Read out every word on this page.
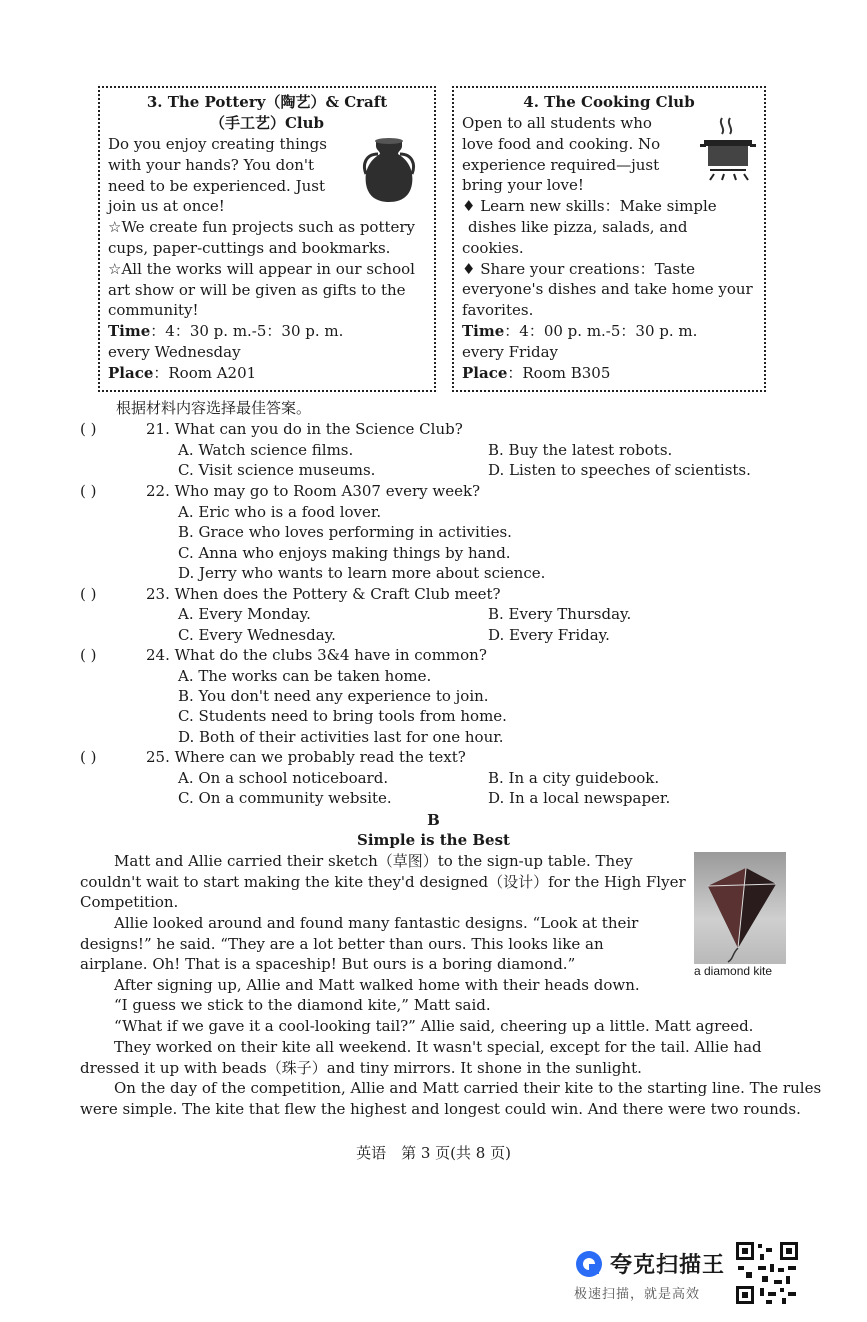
3. The Pottery（陶艺）& Craft
（手工艺）Club

Do you enjoy creating things

with your hands? You don't

need to be experienced. Just

join us at once!

☆We create fun projects such as pottery

cups, paper-cuttings and bookmarks.

☆All the works will appear in our school

art show or will be given as gifts to the

community!

Time：4：30 p. m.-5：30 p. m.

every Wednesday

Place：Room A201

4. The Cooking Club

Open to all students who

love food and cooking. No

experience required—just

bring your love!

♦ Learn new skills：Make simple

dishes like pizza, salads, and

cookies.

♦ Share your creations：Taste

everyone's dishes and take home your

favorites.

Time：4：00 p. m.-5：30 p. m.

every Friday

Place：Room B305

根据材料内容选择最佳答案。
( )	21. What can you do in the Science Club?
A. Watch science films.	B. Buy the latest robots.
C. Visit science museums.	D. Listen to speeches of scientists.
( )	22. Who may go to Room A307 every week?
A. Eric who is a food lover.
B. Grace who loves performing in activities.
C. Anna who enjoys making things by hand.
D. Jerry who wants to learn more about science.
( )	23. When does the Pottery & Craft Club meet?
A. Every Monday.	B. Every Thursday.
C. Every Wednesday.	D. Every Friday.
( )	24. What do the clubs 3&4 have in common?
A. The works can be taken home.
B. You don't need any experience to join.
C. Students need to bring tools from home.
D. Both of their activities last for one hour.
( )	25. Where can we probably read the text?
A. On a school noticeboard.	B. In a city guidebook.
C. On a community website.	D. In a local newspaper.
B
Simple is the Best
Matt and Allie carried their sketch（草图）to the sign-up table. They
couldn't wait to start making the kite they'd designed（设计）for the High Flyer
Competition.
Allie looked around and found many fantastic designs. “Look at their
designs!” he said. “They are a lot better than ours. This looks like an
airplane. Oh! That is a spaceship! But ours is a boring diamond.”
After signing up, Allie and Matt walked home with their heads down.
“I guess we stick to the diamond kite,” Matt said.
“What if we gave it a cool-looking tail?” Allie said, cheering up a little. Matt agreed.
They worked on their kite all weekend. It wasn't special, except for the tail. Allie had
dressed it up with beads（珠子）and tiny mirrors. It shone in the sunlight.
On the day of the competition, Allie and Matt carried their kite to the starting line. The rules
were simple. The kite that flew the highest and longest could win. And there were two rounds.
a diamond kite
英语　第 3 页(共 8 页)
夸克扫描王
极速扫描，就是高效
